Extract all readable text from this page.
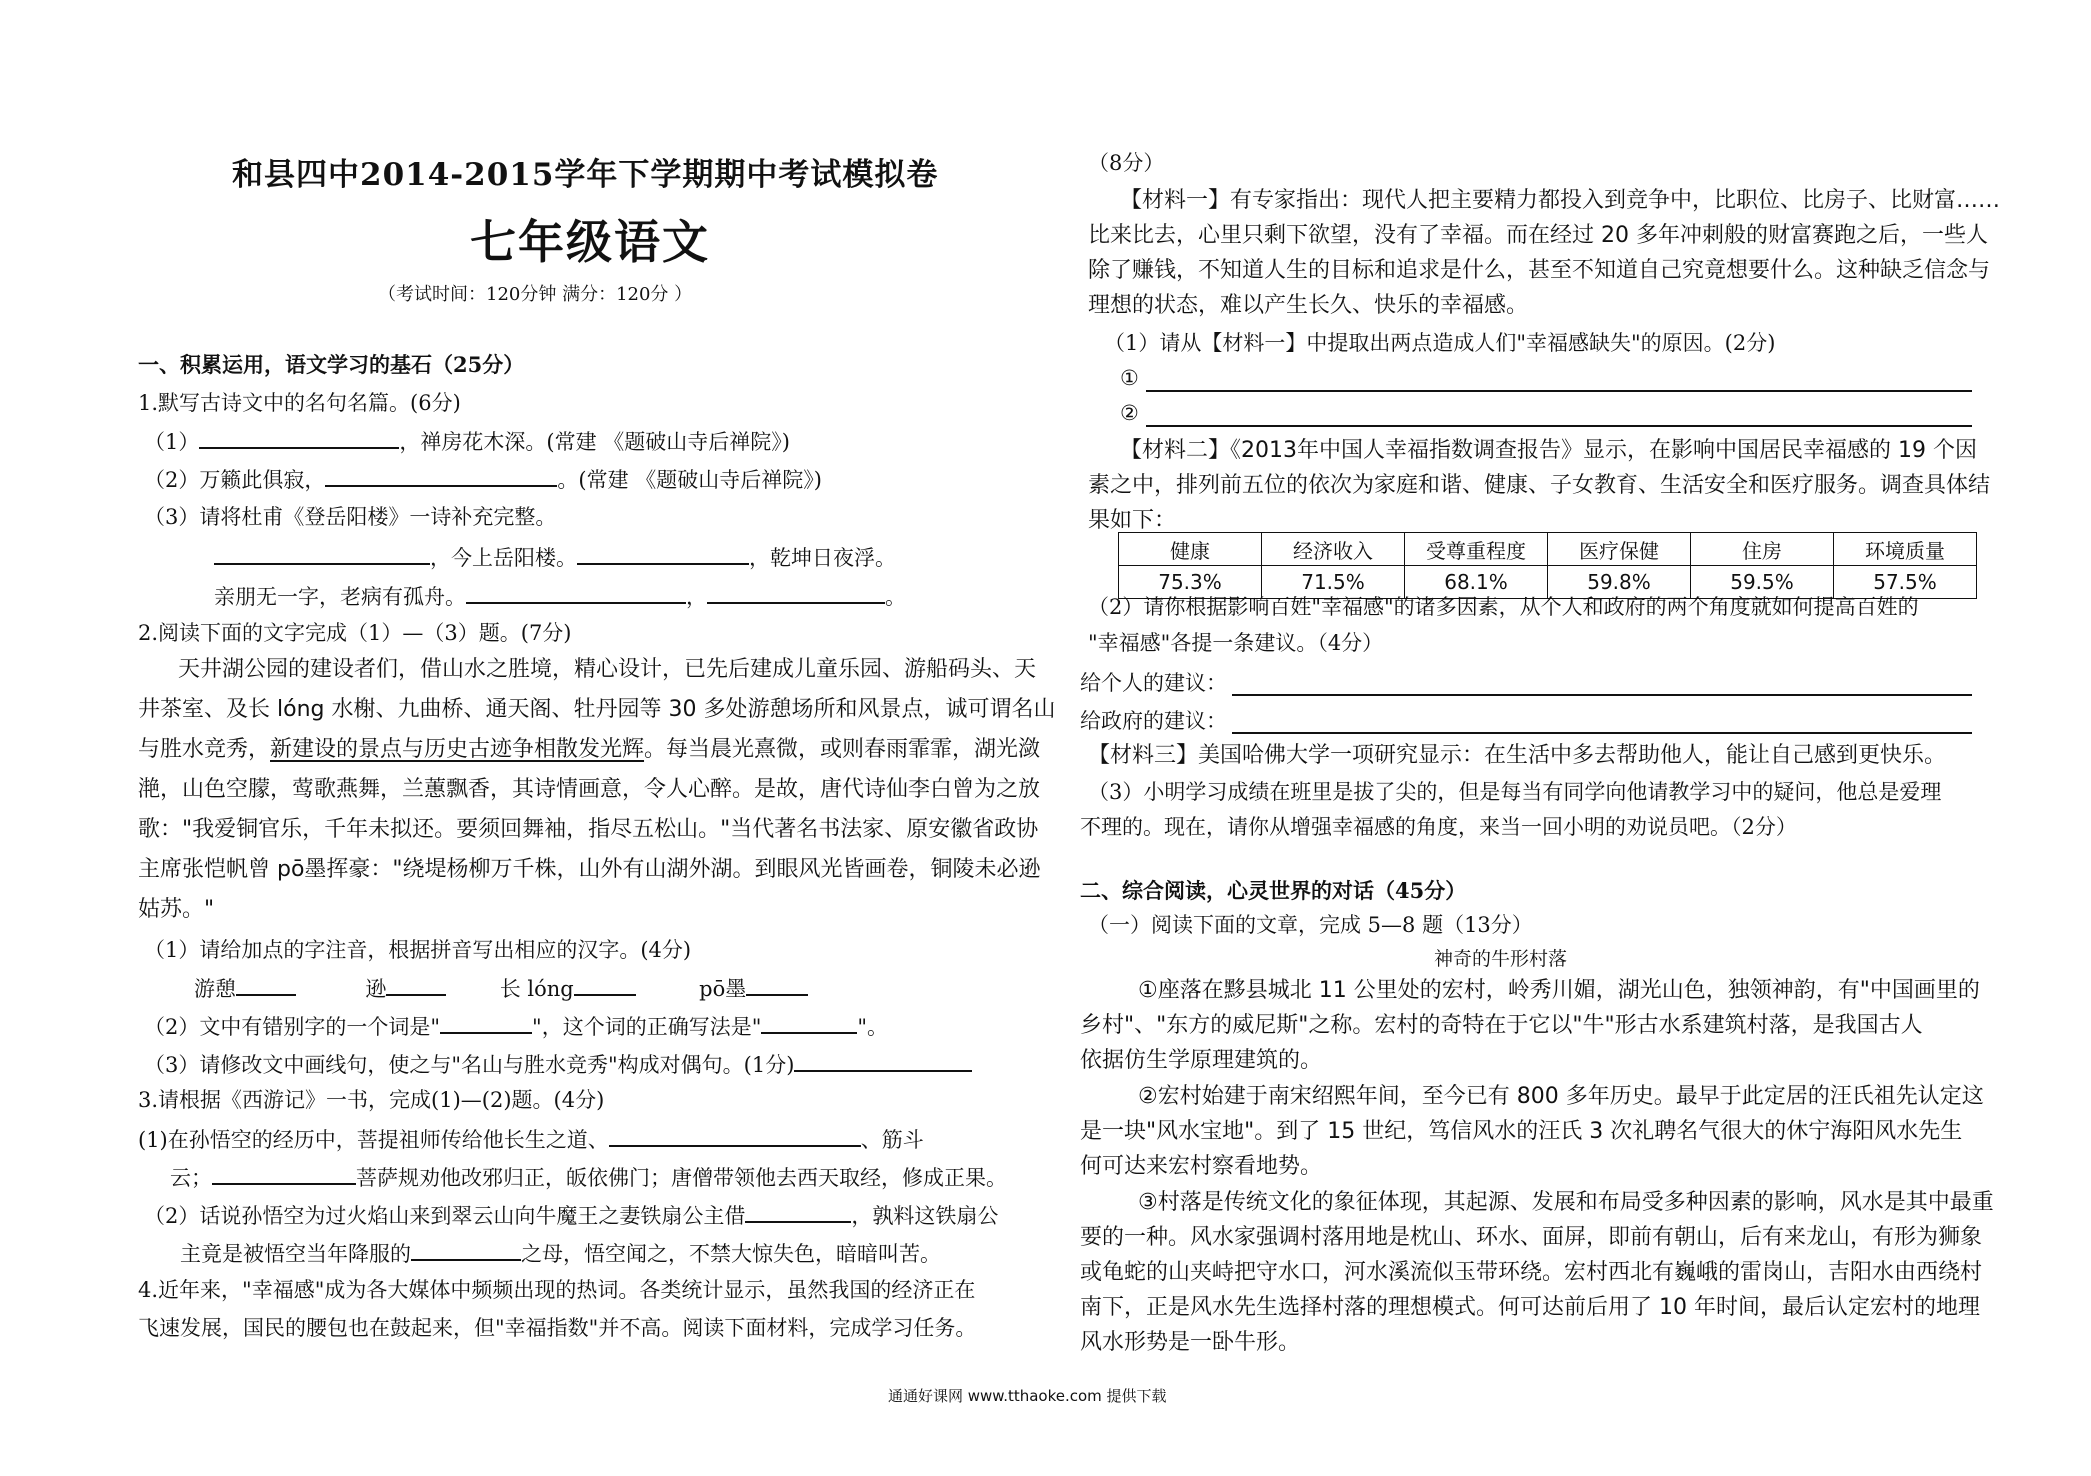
和县四中2014-2015学年下学期期中考试模拟卷
七年级语文
（考试时间：120分钟 满分：120分 ）
一、积累运用，语文学习的基石（25分）
1.默写古诗文中的名句名篇。(6分)
（1）	，禅房花木深。(常建 《题破山寺后禅院》)
（2）万籁此俱寂，	。(常建 《题破山寺后禅院》)
（3）请将杜甫《登岳阳楼》一诗补充完整。
，今上岳阳楼。	，乾坤日夜浮。
亲朋无一字，老病有孤舟。	，	。
2.阅读下面的文字完成（1）—（3）题。(7分)
天井湖公园的建设者们，借山水之胜境，精心设计，已先后建成儿童乐园、游船码头、天
井茶室、及长 lóng 水榭、九曲桥、通天阁、牡丹园等 30 多处游憩场所和风景点，诚可谓名山
与胜水竞秀，新建设的景点与历史古迹争相散发光辉。每当晨光熹微，或则春雨霏霏，湖光潋
滟，山色空朦，莺歌燕舞，兰蕙飘香，其诗情画意，令人心醉。是故，唐代诗仙李白曾为之放
歌："我爱铜官乐，千年未拟还。要须回舞袖，指尽五松山。"当代著名书法家、原安徽省政协
主席张恺帆曾 pō墨挥豪："绕堤杨柳万千株，山外有山湖外湖。到眼风光皆画卷，铜陵未必逊
姑苏。"
（1）请给加点的字注音，根据拼音写出相应的汉字。(4分)
游憩	逊	长 lóng	pō墨
（2）文中有错别字的一个词是"	"，这个词的正确写法是"	"。
（3）请修改文中画线句，使之与"名山与胜水竞秀"构成对偶句。(1分)
3.请根据《西游记》一书，完成(1)—(2)题。(4分)
(1)在孙悟空的经历中，菩提祖师传给他长生之道、	、筋斗
云；	菩萨规劝他改邪归正，皈依佛门；唐僧带领他去西天取经，修成正果。
（2）话说孙悟空为过火焰山来到翠云山向牛魔王之妻铁扇公主借	，孰料这铁扇公
主竟是被悟空当年降服的	之母，悟空闻之，不禁大惊失色，暗暗叫苦。
4.近年来，"幸福感"成为各大媒体中频频出现的热词。各类统计显示，虽然我国的经济正在
飞速发展，国民的腰包也在鼓起来，但"幸福指数"并不高。阅读下面材料，完成学习任务。
（8分）
【材料一】有专家指出：现代人把主要精力都投入到竞争中，比职位、比房子、比财富……
比来比去，心里只剩下欲望，没有了幸福。而在经过 20 多年冲刺般的财富赛跑之后，一些人
除了赚钱，不知道人生的目标和追求是什么，甚至不知道自己究竟想要什么。这种缺乏信念与
理想的状态，难以产生长久、快乐的幸福感。
（1）请从【材料一】中提取出两点造成人们"幸福感缺失"的原因。(2分)
①
②
【材料二】《2013年中国人幸福指数调查报告》显示，在影响中国居民幸福感的 19 个因
素之中，排列前五位的依次为家庭和谐、健康、子女教育、生活安全和医疗服务。调查具体结
果如下：
健康	经济收入	受尊重程度	医疗保健	住房	环境质量
75.3%	71.5%	68.1%	59.8%	59.5%	57.5%
（2）请你根据影响百姓"幸福感"的诸多因素，从个人和政府的两个角度就如何提高百姓的
"幸福感"各提一条建议。（4分）
给个人的建议：
给政府的建议：
【材料三】美国哈佛大学一项研究显示：在生活中多去帮助他人，能让自己感到更快乐。
（3）小明学习成绩在班里是拔了尖的，但是每当有同学向他请教学习中的疑问，他总是爱理
不理的。现在，请你从增强幸福感的角度，来当一回小明的劝说员吧。（2分）
二、综合阅读，心灵世界的对话（45分）
（一）阅读下面的文章，完成 5—8 题（13分）
神奇的牛形村落
①座落在黟县城北 11 公里处的宏村，岭秀川媚，湖光山色，独领神韵，有"中国画里的
乡村"、"东方的威尼斯"之称。宏村的奇特在于它以"牛"形古水系建筑村落，是我国古人
依据仿生学原理建筑的。
②宏村始建于南宋绍熙年间，至今已有 800 多年历史。最早于此定居的汪氏祖先认定这
是一块"风水宝地"。到了 15 世纪，笃信风水的汪氏 3 次礼聘名气很大的休宁海阳风水先生
何可达来宏村察看地势。
③村落是传统文化的象征体现，其起源、发展和布局受多种因素的影响，风水是其中最重
要的一种。风水家强调村落用地是枕山、环水、面屏，即前有朝山，后有来龙山，有形为狮象
或龟蛇的山夹峙把守水口，河水溪流似玉带环绕。宏村西北有巍峨的雷岗山，吉阳水由西绕村
南下，正是风水先生选择村落的理想模式。何可达前后用了 10 年时间，最后认定宏村的地理
风水形势是一卧牛形。
通通好课网 www.tthaoke.com 提供下载
